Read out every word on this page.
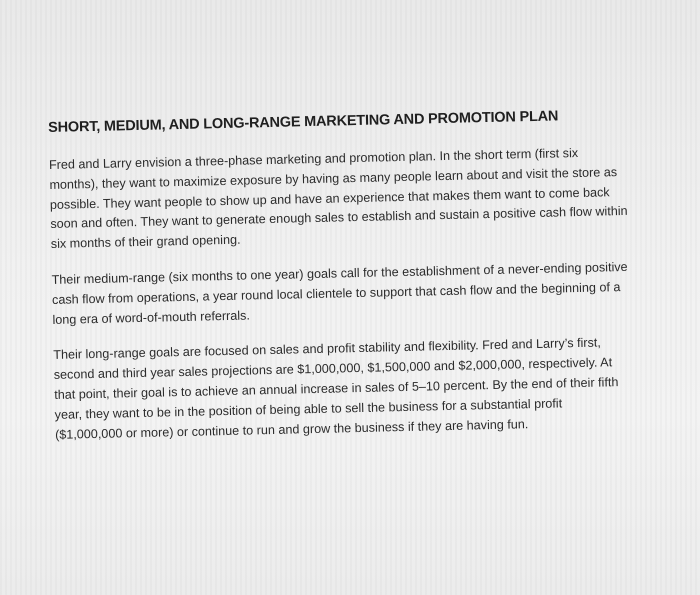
SHORT, MEDIUM, AND LONG-RANGE MARKETING AND PROMOTION PLAN

Fred and Larry envision a three-phase marketing and promotion plan. In the short term (first six
months), they want to maximize exposure by having as many people learn about and visit the store as
possible. They want people to show up and have an experience that makes them want to come back
soon and often. They want to generate enough sales to establish and sustain a positive cash flow within
six months of their grand opening.

Their medium-range (six months to one year) goals call for the establishment of a never-ending positive
cash flow from operations, a year round local clientele to support that cash flow and the beginning of a
long era of word-of-mouth referrals.

Their long-range goals are focused on sales and profit stability and flexibility. Fred and Larry’s first,
second and third year sales projections are $1,000,000, $1,500,000 and $2,000,000, respectively. At
that point, their goal is to achieve an annual increase in sales of 5–10 percent. By the end of their fifth
year, they want to be in the position of being able to sell the business for a substantial profit
($1,000,000 or more) or continue to run and grow the business if they are having fun.
